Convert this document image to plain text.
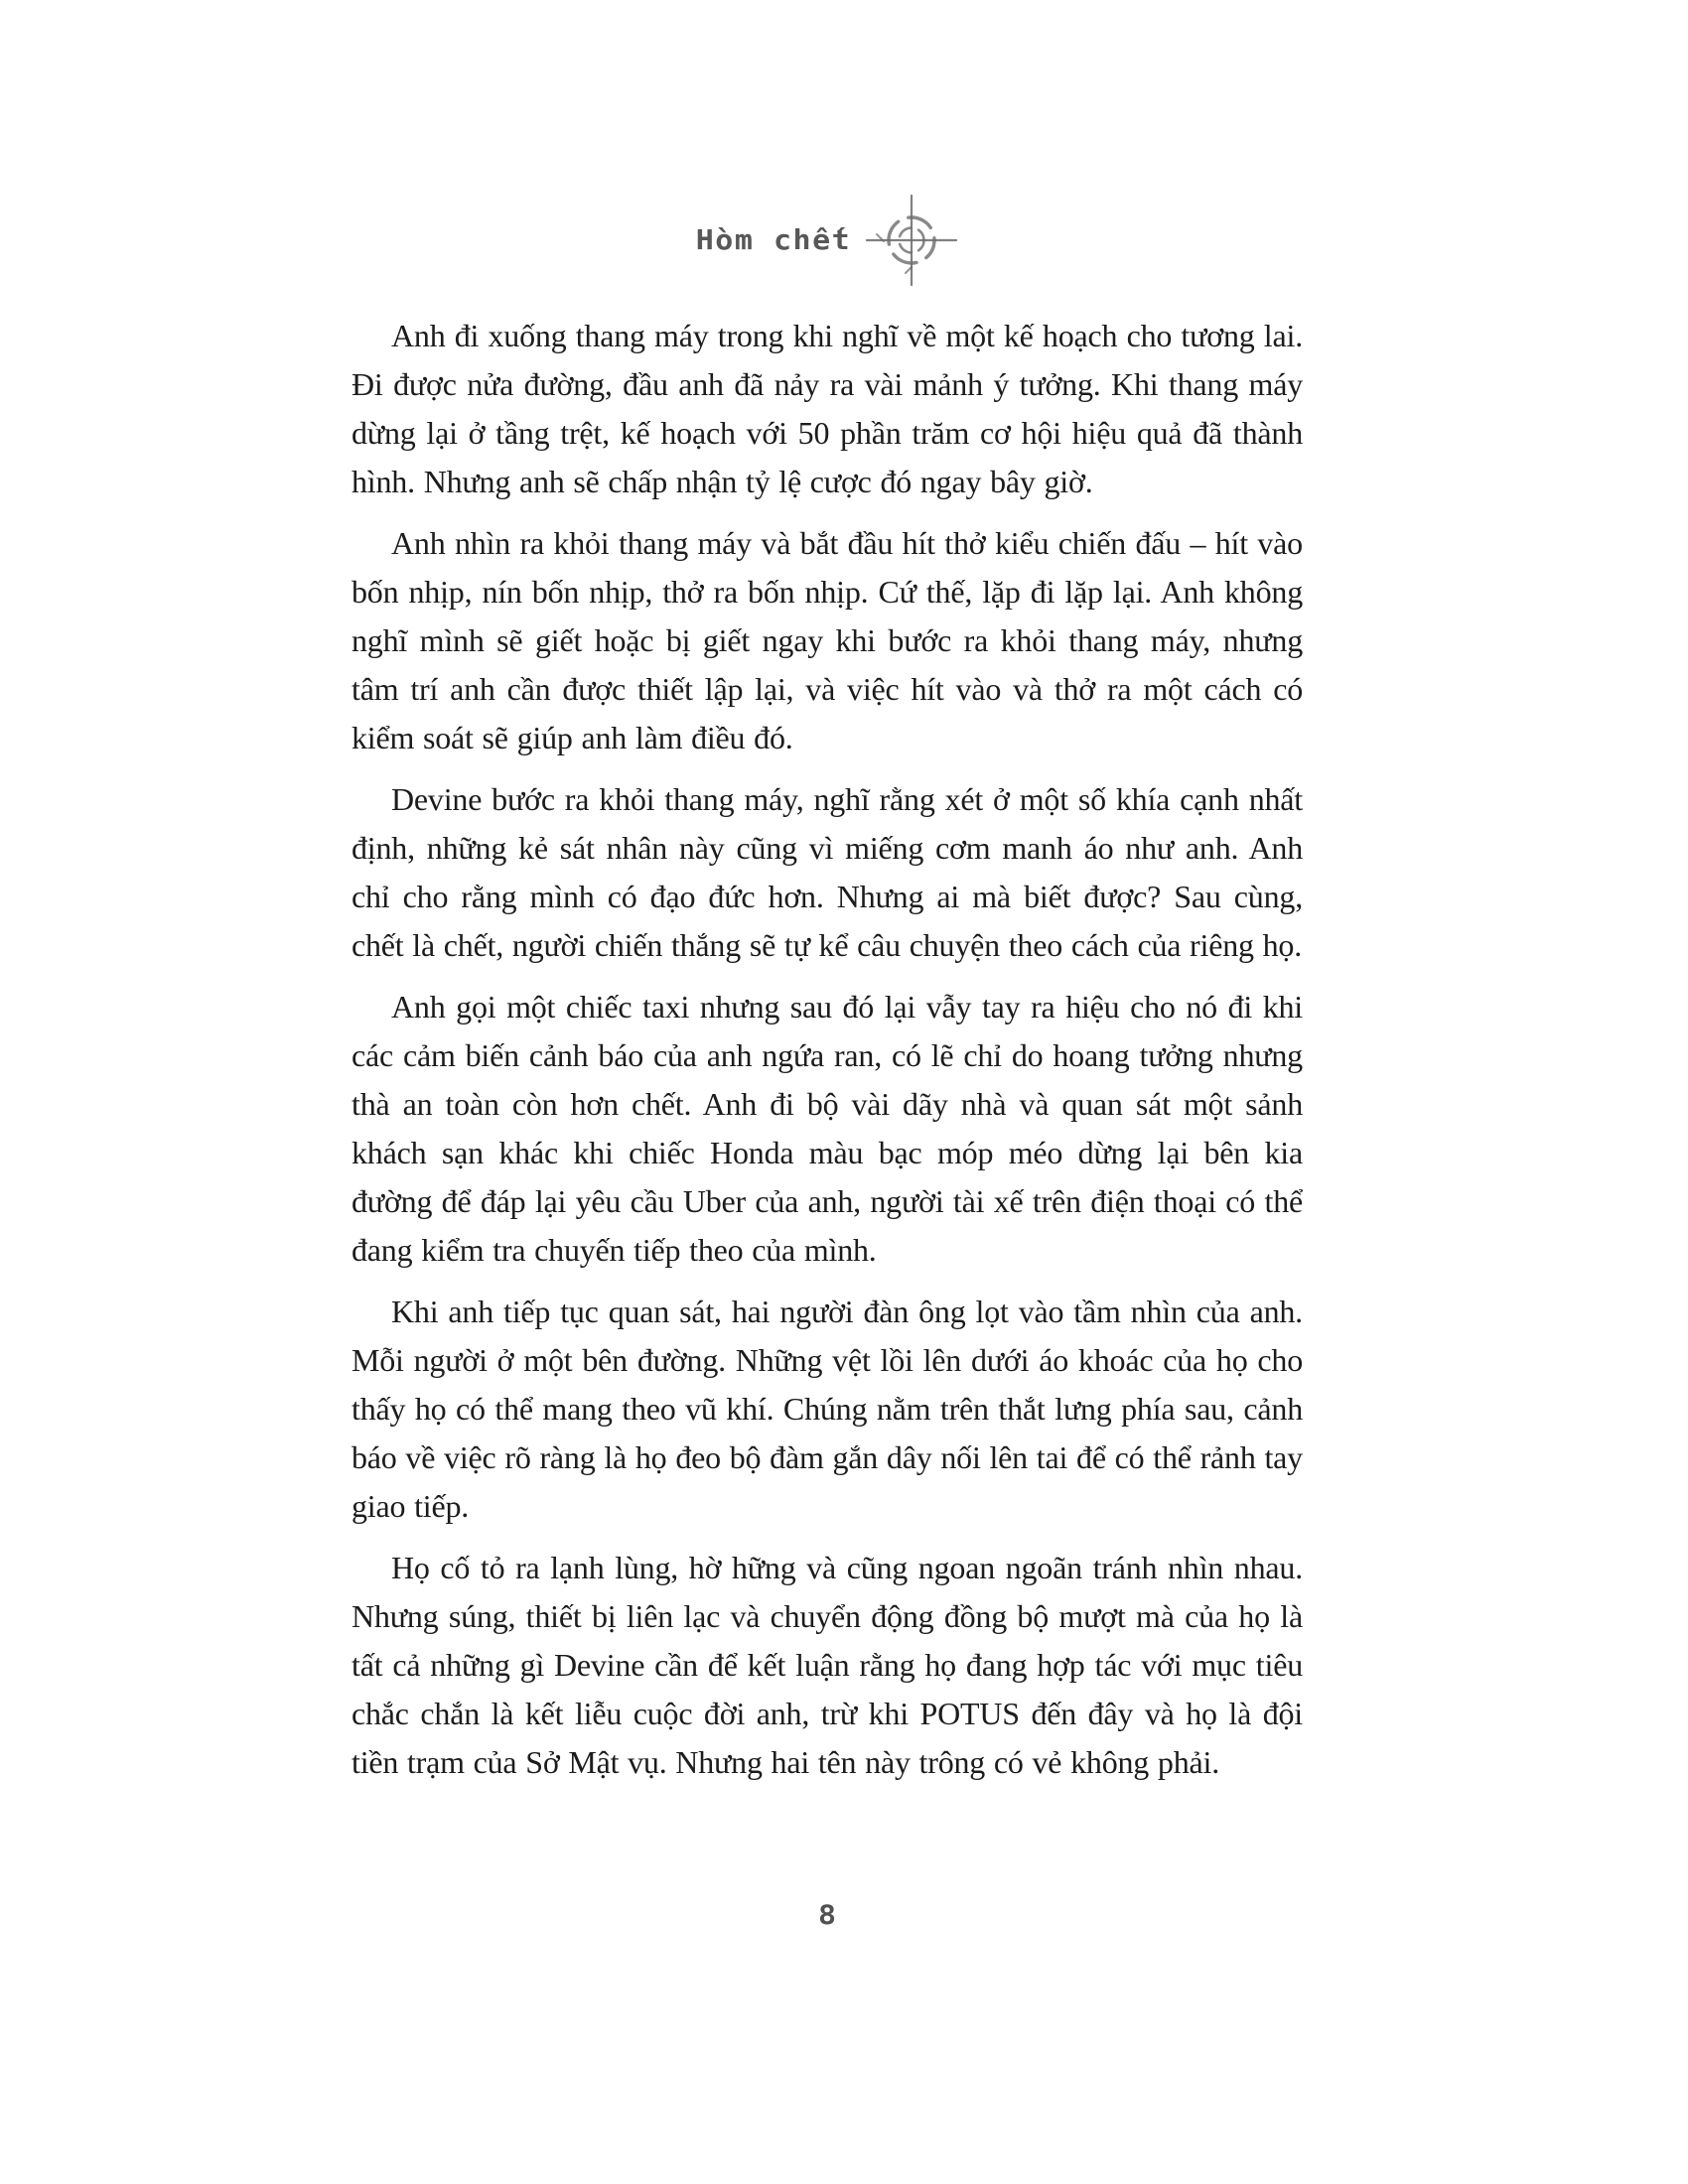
Hòm chết

Anh đi xuống thang máy trong khi nghĩ về một kế hoạch cho tương lai. Đi được nửa đường, đầu anh đã nảy ra vài mảnh ý tưởng. Khi thang máy dừng lại ở tầng trệt, kế hoạch với 50 phần trăm cơ hội hiệu quả đã thành hình. Nhưng anh sẽ chấp nhận tỷ lệ cược đó ngay bây giờ.

Anh nhìn ra khỏi thang máy và bắt đầu hít thở kiểu chiến đấu – hít vào bốn nhịp, nín bốn nhịp, thở ra bốn nhịp. Cứ thế, lặp đi lặp lại. Anh không nghĩ mình sẽ giết hoặc bị giết ngay khi bước ra khỏi thang máy, nhưng tâm trí anh cần được thiết lập lại, và việc hít vào và thở ra một cách có kiểm soát sẽ giúp anh làm điều đó.

Devine bước ra khỏi thang máy, nghĩ rằng xét ở một số khía cạnh nhất định, những kẻ sát nhân này cũng vì miếng cơm manh áo như anh. Anh chỉ cho rằng mình có đạo đức hơn. Nhưng ai mà biết được? Sau cùng, chết là chết, người chiến thắng sẽ tự kể câu chuyện theo cách của riêng họ.

Anh gọi một chiếc taxi nhưng sau đó lại vẫy tay ra hiệu cho nó đi khi các cảm biến cảnh báo của anh ngứa ran, có lẽ chỉ do hoang tưởng nhưng thà an toàn còn hơn chết. Anh đi bộ vài dãy nhà và quan sát một sảnh khách sạn khác khi chiếc Honda màu bạc móp méo dừng lại bên kia đường để đáp lại yêu cầu Uber của anh, người tài xế trên điện thoại có thể đang kiểm tra chuyến tiếp theo của mình.

Khi anh tiếp tục quan sát, hai người đàn ông lọt vào tầm nhìn của anh. Mỗi người ở một bên đường. Những vệt lồi lên dưới áo khoác của họ cho thấy họ có thể mang theo vũ khí. Chúng nằm trên thắt lưng phía sau, cảnh báo về việc rõ ràng là họ đeo bộ đàm gắn dây nối lên tai để có thể rảnh tay giao tiếp.

Họ cố tỏ ra lạnh lùng, hờ hững và cũng ngoan ngoãn tránh nhìn nhau. Nhưng súng, thiết bị liên lạc và chuyển động đồng bộ mượt mà của họ là tất cả những gì Devine cần để kết luận rằng họ đang hợp tác với mục tiêu chắc chắn là kết liễu cuộc đời anh, trừ khi POTUS đến đây và họ là đội tiền trạm của Sở Mật vụ. Nhưng hai tên này trông có vẻ không phải.

8
